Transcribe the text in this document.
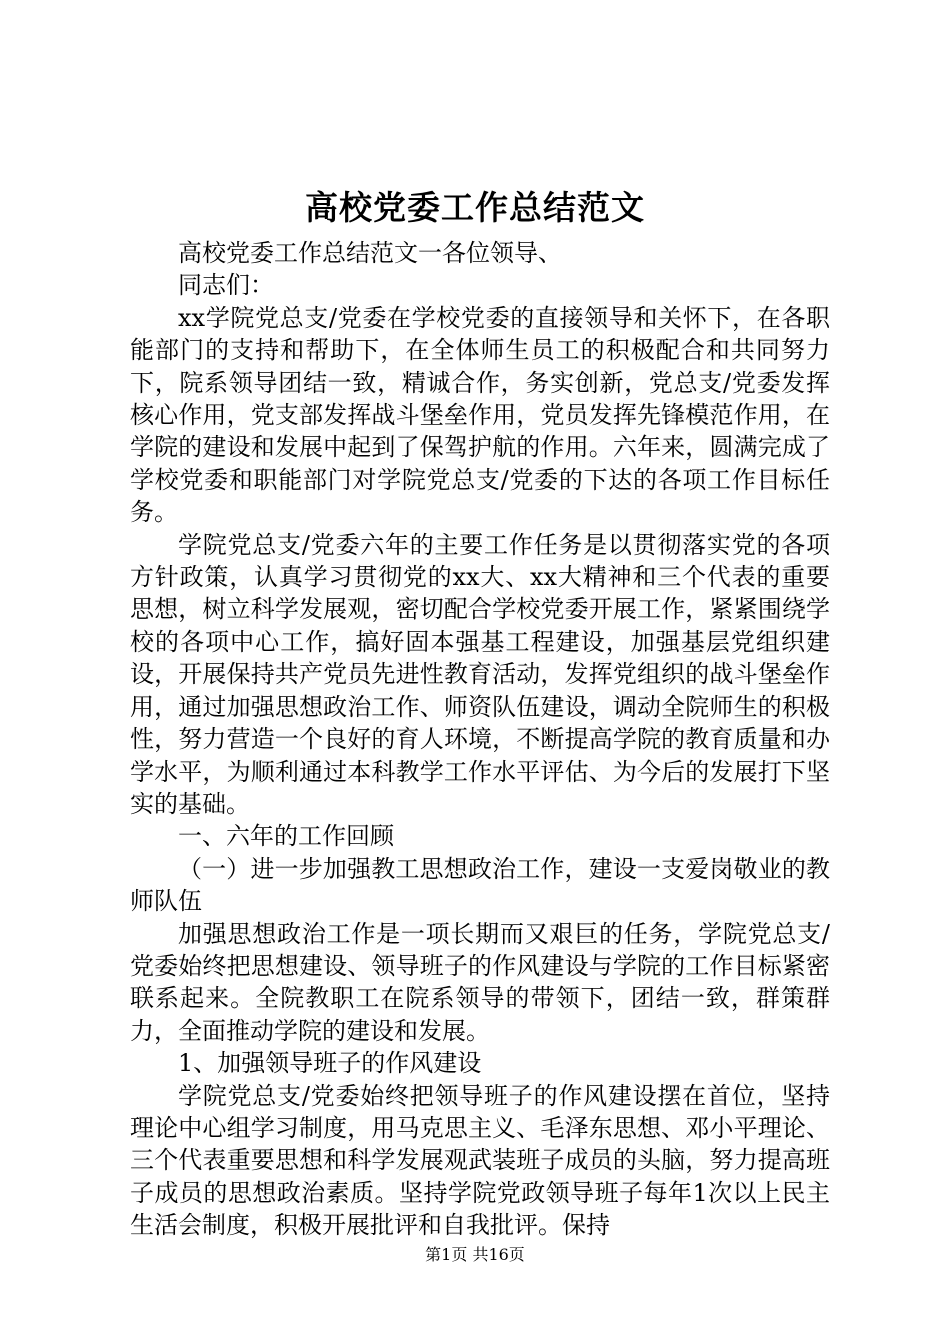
高校党委工作总结范文

高校党委工作总结范文一各位领导、

同志们：

xx学院党总支/党委在学校党委的直接领导和关怀下，在各职能部门的支持和帮助下，在全体师生员工的积极配合和共同努力下，院系领导团结一致，精诚合作，务实创新，党总支/党委发挥核心作用，党支部发挥战斗堡垒作用，党员发挥先锋模范作用，在学院的建设和发展中起到了保驾护航的作用。六年来，圆满完成了学校党委和职能部门对学院党总支/党委的下达的各项工作目标任务。

学院党总支/党委六年的主要工作任务是以贯彻落实党的各项方针政策，认真学习贯彻党的xx大、xx大精神和三个代表的重要思想，树立科学发展观，密切配合学校党委开展工作，紧紧围绕学校的各项中心工作，搞好固本强基工程建设，加强基层党组织建设，开展保持共产党员先进性教育活动，发挥党组织的战斗堡垒作用，通过加强思想政治工作、师资队伍建设，调动全院师生的积极性，努力营造一个良好的育人环境，不断提高学院的教育质量和办学水平，为顺利通过本科教学工作水平评估、为今后的发展打下坚实的基础。

一、六年的工作回顾

（一）进一步加强教工思想政治工作，建设一支爱岗敬业的教师队伍

加强思想政治工作是一项长期而又艰巨的任务，学院党总支/党委始终把思想建设、领导班子的作风建设与学院的工作目标紧密联系起来。全院教职工在院系领导的带领下，团结一致，群策群力，全面推动学院的建设和发展。

1、加强领导班子的作风建设

学院党总支/党委始终把领导班子的作风建设摆在首位，坚持理论中心组学习制度，用马克思主义、毛泽东思想、邓小平理论、三个代表重要思想和科学发展观武装班子成员的头脑，努力提高班子成员的思想政治素质。坚持学院党政领导班子每年1次以上民主生活会制度，积极开展批评和自我批评。保持

第1页 共16页
